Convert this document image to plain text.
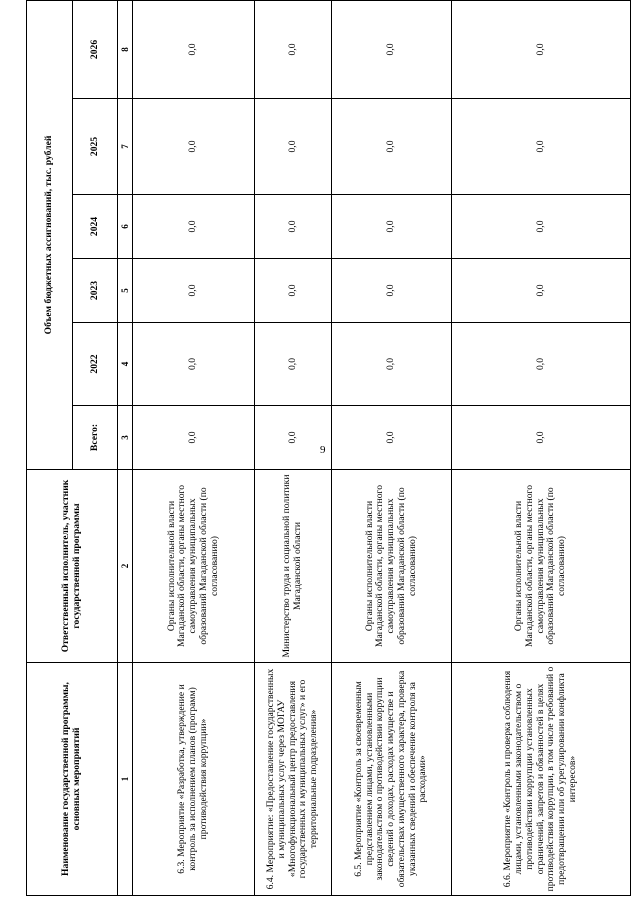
9
Наименование государственной программы, основных мероприятий	Ответственный исполнитель, участник государственной программы	Объем бюджетных ассигнований, тыс. рублей					
		Всего:	2022	2023	2024	2025	2026
1	2	3	4	5	6	7	8
6.3. Мероприятие «Разработка, утверждение и контроль за исполнением планов (программ) противодействия коррупции»	Органы исполнительной власти Магаданской области, органы местного самоуправления муниципальных образований Магаданской области (по согласованию)	0,0	0,0	0,0	0,0	0,0	0,0
6.4. Мероприятие: «Предоставление государственных и муниципальных услуг через МОГАУ «Многофункциональный центр предоставления государственных и муниципальных услуг» и его территориальные подразделения»	Министерство труда и социальной политики Магаданской области	0,0	0,0	0,0	0,0	0,0	0,0
6.5. Мероприятие «Контроль за своевременным представлением лицами, установленными законодательством о противодействии коррупции сведений о доходах, расходах имуществе и обязательствах имущественного характера, проверка указанных сведений и обеспечение контроля за расходами»	Органы исполнительной власти Магаданской области, органы местного самоуправления муниципальных образований Магаданской области (по согласованию)	0,0	0,0	0,0	0,0	0,0	0,0
6.6. Мероприятие «Контроль и проверка соблюдения лицами, установленными законодательством о противодействии коррупции установленных ограничений, запретов и обязанностей в целях противодействия коррупции, в том числе требований о предотвращении или об урегулировании конфликта интересов»	Органы исполнительной власти Магаданской области, органы местного самоуправления муниципальных образований Магаданской области (по согласованию)	0,0	0,0	0,0	0,0	0,0	0,0
